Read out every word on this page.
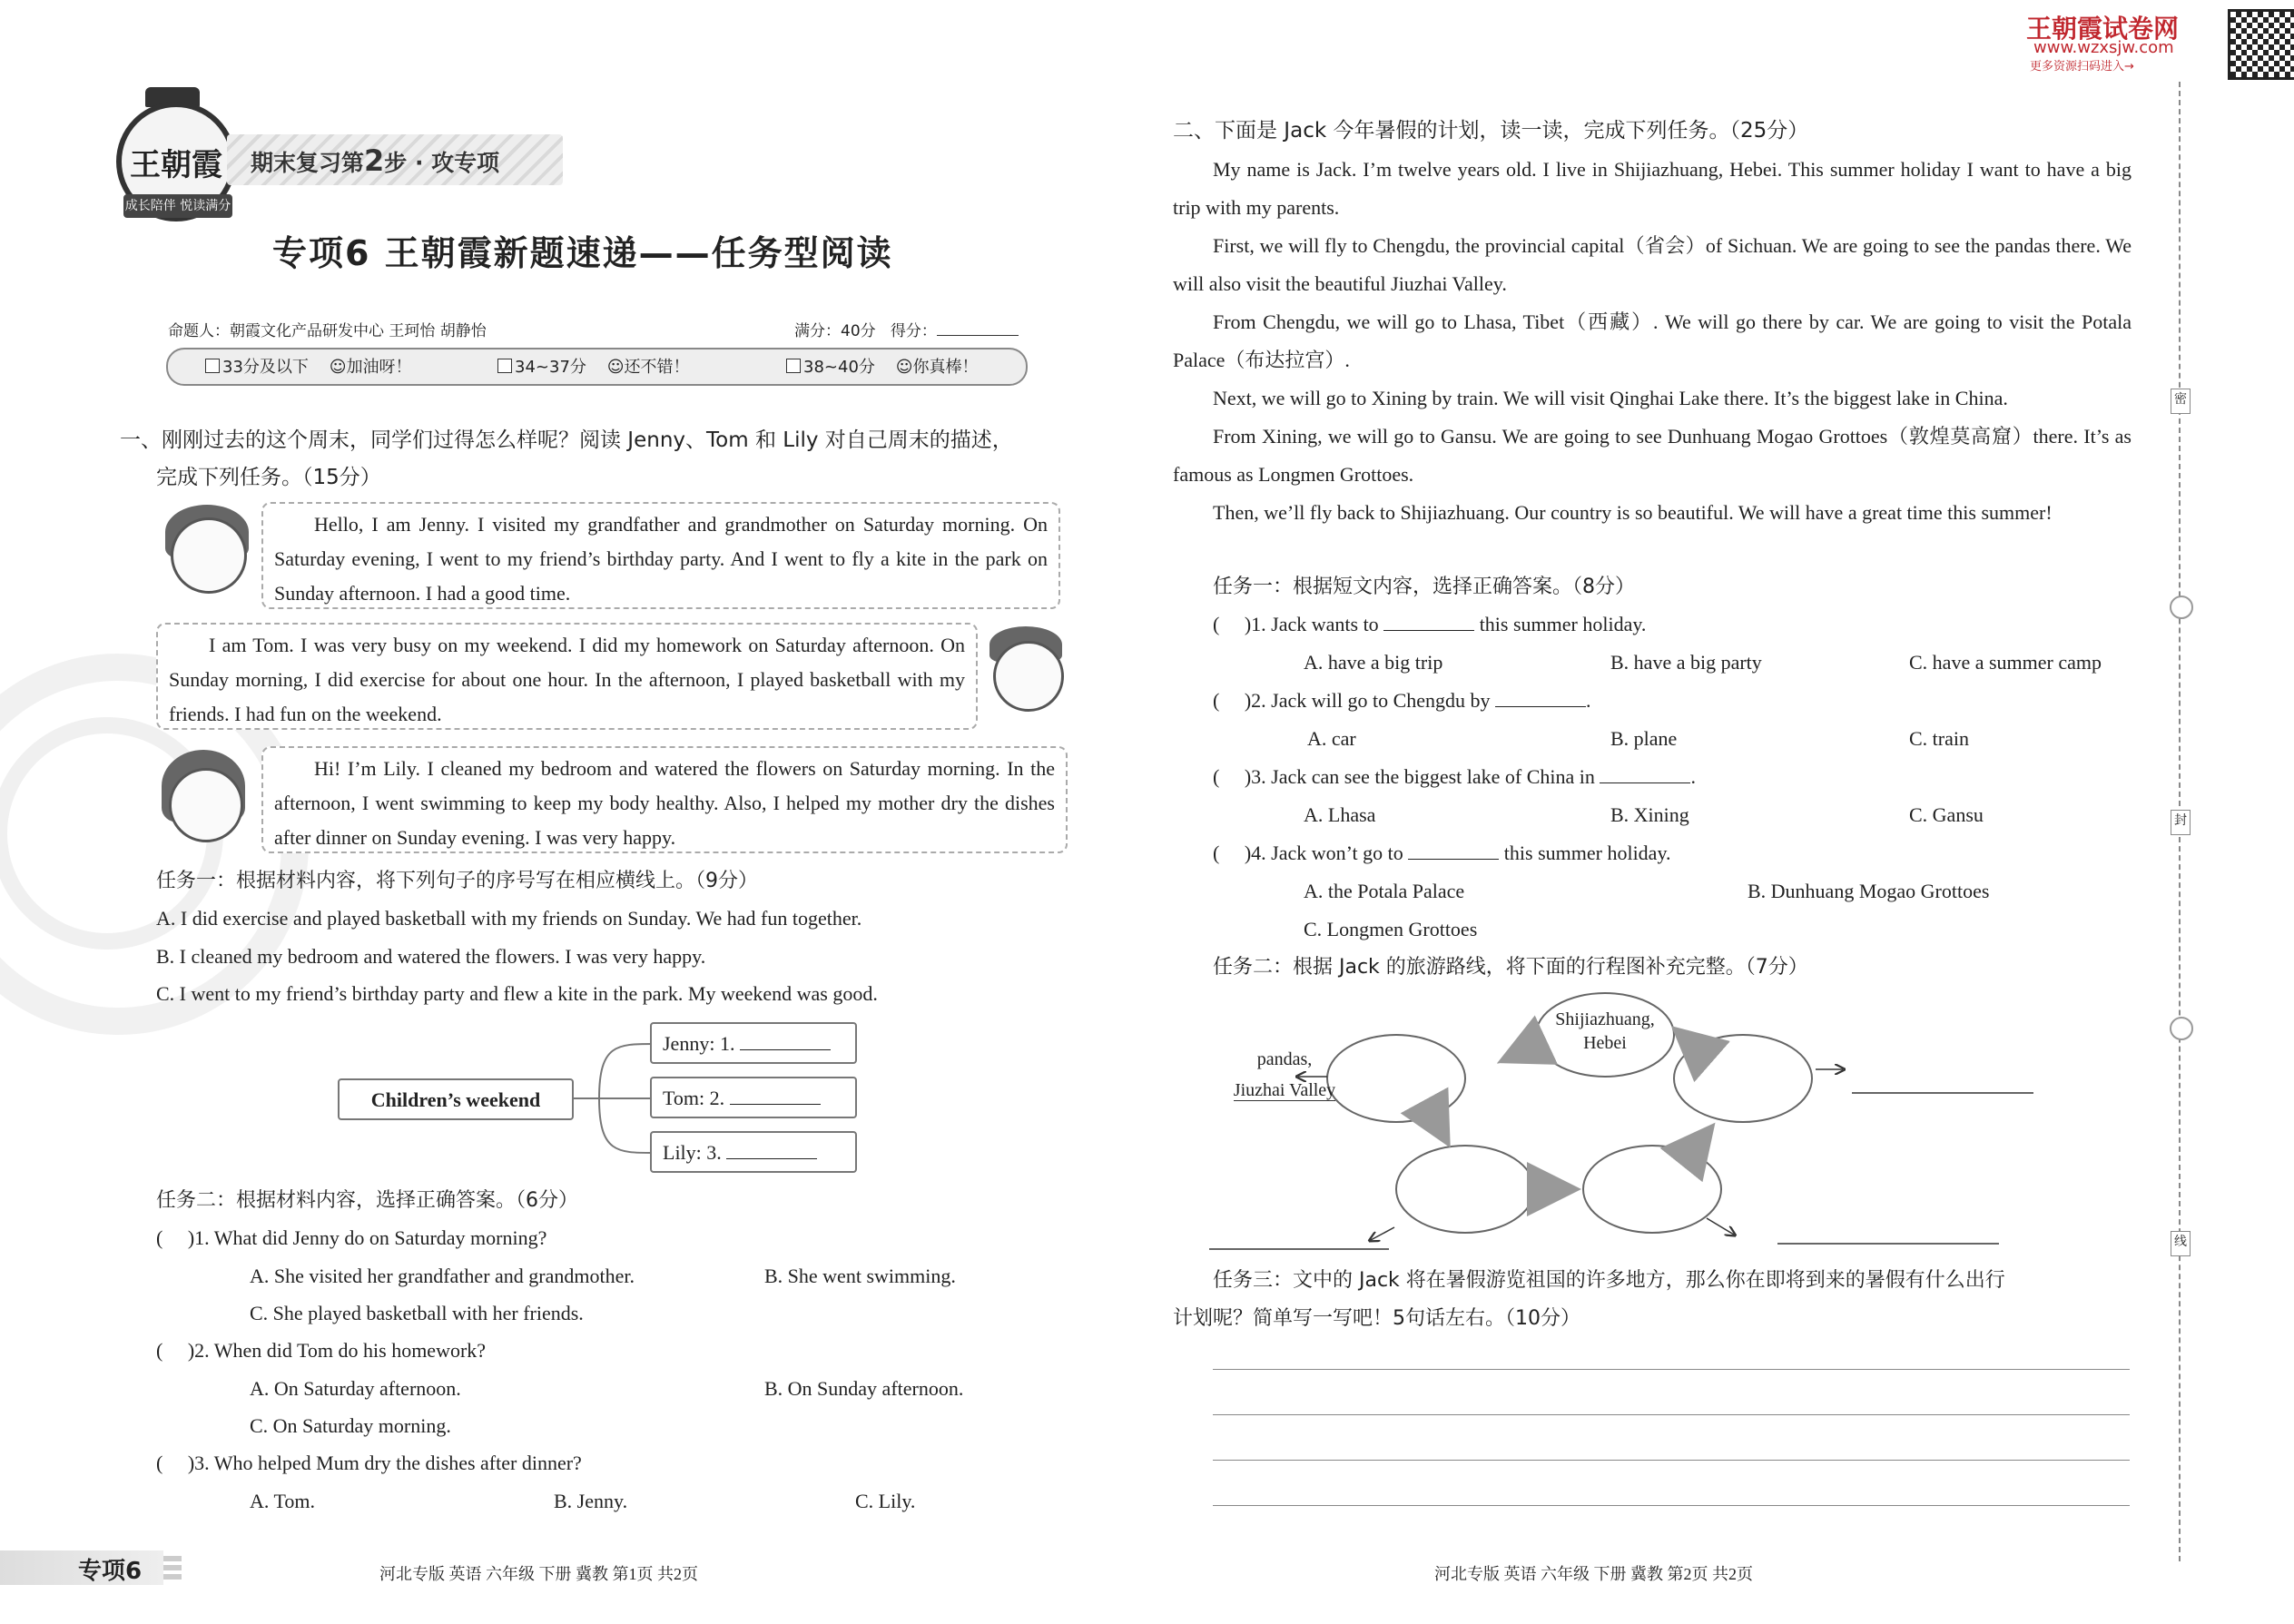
王朝霞
成长陪伴 悦读满分
期末复习第2步 · 攻专项
专项6 王朝霞新题速递——任务型阅读
命题人：朝霞文化产品研发中心 王珂怡 胡静怡	满分：40分 得分：
33分及以下    ☺加油呀！	34~37分    ☺还不错！	38~40分    ☺你真棒！
一、刚刚过去的这个周末，同学们过得怎么样呢？阅读 Jenny、Tom 和 Lily 对自己周末的描述，
完成下列任务。（15分）
Hello, I am Jenny. I visited my grandfather and grandmother on Saturday morning. On Saturday evening, I went to my friend’s birthday party. And I went to fly a kite in the park on Sunday afternoon. I had a good time.
I am Tom. I was very busy on my weekend. I did my homework on Saturday afternoon. On Sunday morning, I did exercise for about one hour. In the afternoon, I played basketball with my friends. I had fun on the weekend.
Hi! I’m Lily. I cleaned my bedroom and watered the flowers on Saturday morning. In the afternoon, I went swimming to keep my body healthy. Also, I helped my mother dry the dishes after dinner on Sunday evening. I was very happy.
任务一：根据材料内容，将下列句子的序号写在相应横线上。（9分）
A. I did exercise and played basketball with my friends on Sunday. We had fun together.
B. I cleaned my bedroom and watered the flowers. I was very happy.
C. I went to my friend’s birthday party and flew a kite in the park. My weekend was good.
Children’s weekend
Jenny: 1.
Tom: 2.
Lily: 3.
任务二：根据材料内容，选择正确答案。（6分）
(     )1. What did Jenny do on Saturday morning?
A. She visited her grandfather and grandmother.	B. She went swimming.
C. She played basketball with her friends.
(     )2. When did Tom do his homework?
A. On Saturday afternoon.	B. On Sunday afternoon.
C. On Saturday morning.
(     )3. Who helped Mum dry the dishes after dinner?
A. Tom.	B. Jenny.	C. Lily.
专项6	河北专版 英语 六年级 下册 冀教 第1页 共2页
王朝霞试卷网
www.wzxsjw.com
更多资源扫码进入→
密
封
线
二、下面是 Jack 今年暑假的计划，读一读，完成下列任务。（25分）
My name is Jack. I’m twelve years old. I live in Shijiazhuang, Hebei. This summer holiday I want to have a big trip with my parents.
First, we will fly to Chengdu, the provincial capital（省会）of Sichuan. We are going to see the pandas there. We will also visit the beautiful Jiuzhai Valley.
From Chengdu, we will go to Lhasa, Tibet（西藏）. We will go there by car. We are going to visit the Potala Palace（布达拉宫）.
Next, we will go to Xining by train. We will visit Qinghai Lake there. It’s the biggest lake in China.
From Xining, we will go to Gansu. We are going to see Dunhuang Mogao Grottoes（敦煌莫高窟）there. It’s as famous as Longmen Grottoes.
Then, we’ll fly back to Shijiazhuang. Our country is so beautiful. We will have a great time this summer!
任务一：根据短文内容，选择正确答案。（8分）
(     )1. Jack wants to	this summer holiday.
A. have a big trip	B. have a big party	C. have a summer camp
(     )2. Jack will go to Chengdu by	.
A. car	B. plane	C. train
(     )3. Jack can see the biggest lake of China in	.
A. Lhasa	B. Xining	C. Gansu
(     )4. Jack won’t go to	this summer holiday.
A. the Potala Palace	B. Dunhuang Mogao Grottoes
C. Longmen Grottoes
任务二：根据 Jack 的旅游路线，将下面的行程图补充完整。（7分）
Shijiazhuang,
Hebei
pandas,
Jiuzhai Valley
任务三：文中的 Jack 将在暑假游览祖国的许多地方，那么你在即将到来的暑假有什么出行
计划呢？简单写一写吧！5句话左右。（10分）
河北专版 英语 六年级 下册 冀教 第2页 共2页
